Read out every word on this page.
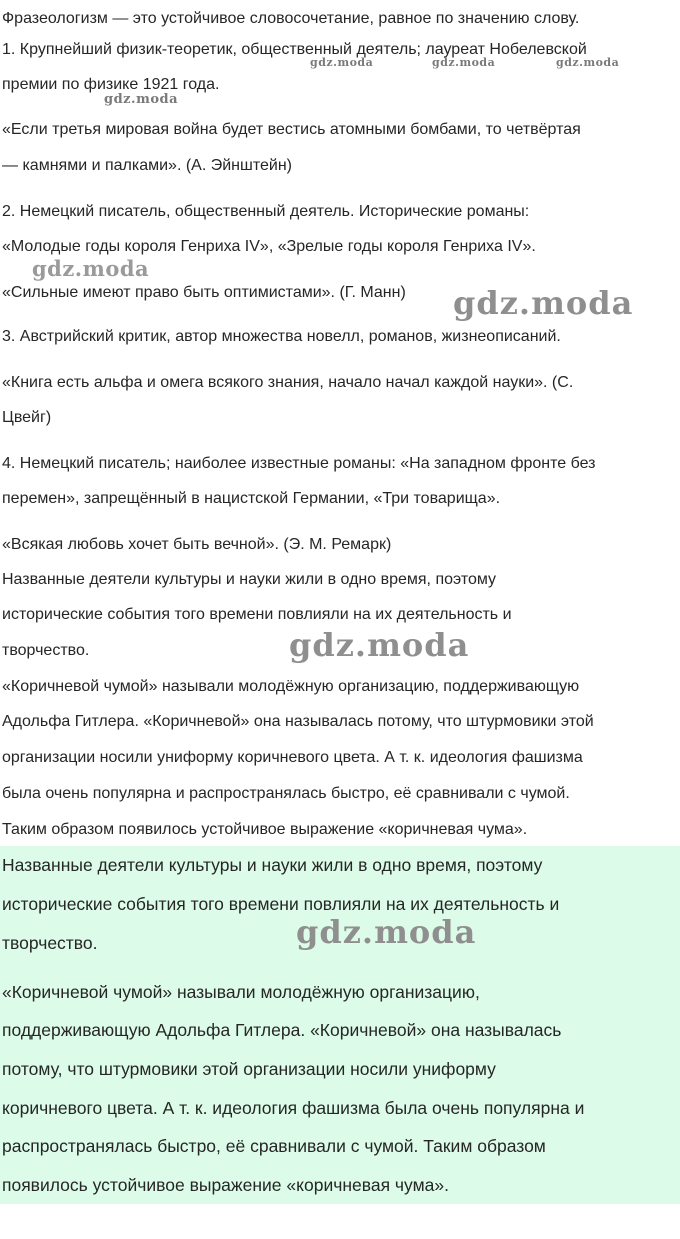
Фразеологизм — это устойчивое словосочетание, равное по значению слову.
1. Крупнейший физик-теоретик, общественный деятель; лауреат Нобелевской
премии по физике 1921 года.
«Если третья мировая война будет вестись атомными бомбами, то четвёртая
— камнями и палками». (А. Эйнштейн)
2. Немецкий писатель, общественный деятель. Исторические романы:
«Молодые годы короля Генриха IV», «Зрелые годы короля Генриха IV».
«Сильные имеют право быть оптимистами». (Г. Манн)
3. Австрийский критик, автор множества новелл, романов, жизнеописаний.
«Книга есть альфа и омега всякого знания, начало начал каждой науки». (С.
Цвейг)
4. Немецкий писатель; наиболее известные романы: «На западном фронте без
перемен», запрещённый в нацистской Германии, «Три товарища».
«Всякая любовь хочет быть вечной». (Э. М. Ремарк)
Названные деятели культуры и науки жили в одно время, поэтому
исторические события того времени повлияли на их деятельность и
творчество.
«Коричневой чумой» называли молодёжную организацию, поддерживающую
Адольфа Гитлера. «Коричневой» она называлась потому, что штурмовики этой
организации носили униформу коричневого цвета. А т. к. идеология фашизма
была очень популярна и распространялась быстро, её сравнивали с чумой.
Таким образом появилось устойчивое выражение «коричневая чума».
Названные деятели культуры и науки жили в одно время, поэтому
исторические события того времени повлияли на их деятельность и
творчество.
«Коричневой чумой» называли молодёжную организацию,
поддерживающую Адольфа Гитлера. «Коричневой» она называлась
потому, что штурмовики этой организации носили униформу
коричневого цвета. А т. к. идеология фашизма была очень популярна и
распространялась быстро, её сравнивали с чумой. Таким образом
появилось устойчивое выражение «коричневая чума».
gdz.moda	gdz.moda	gdz.moda
gdz.moda
gdz.moda
gdz.moda
gdz.moda
gdz.moda
